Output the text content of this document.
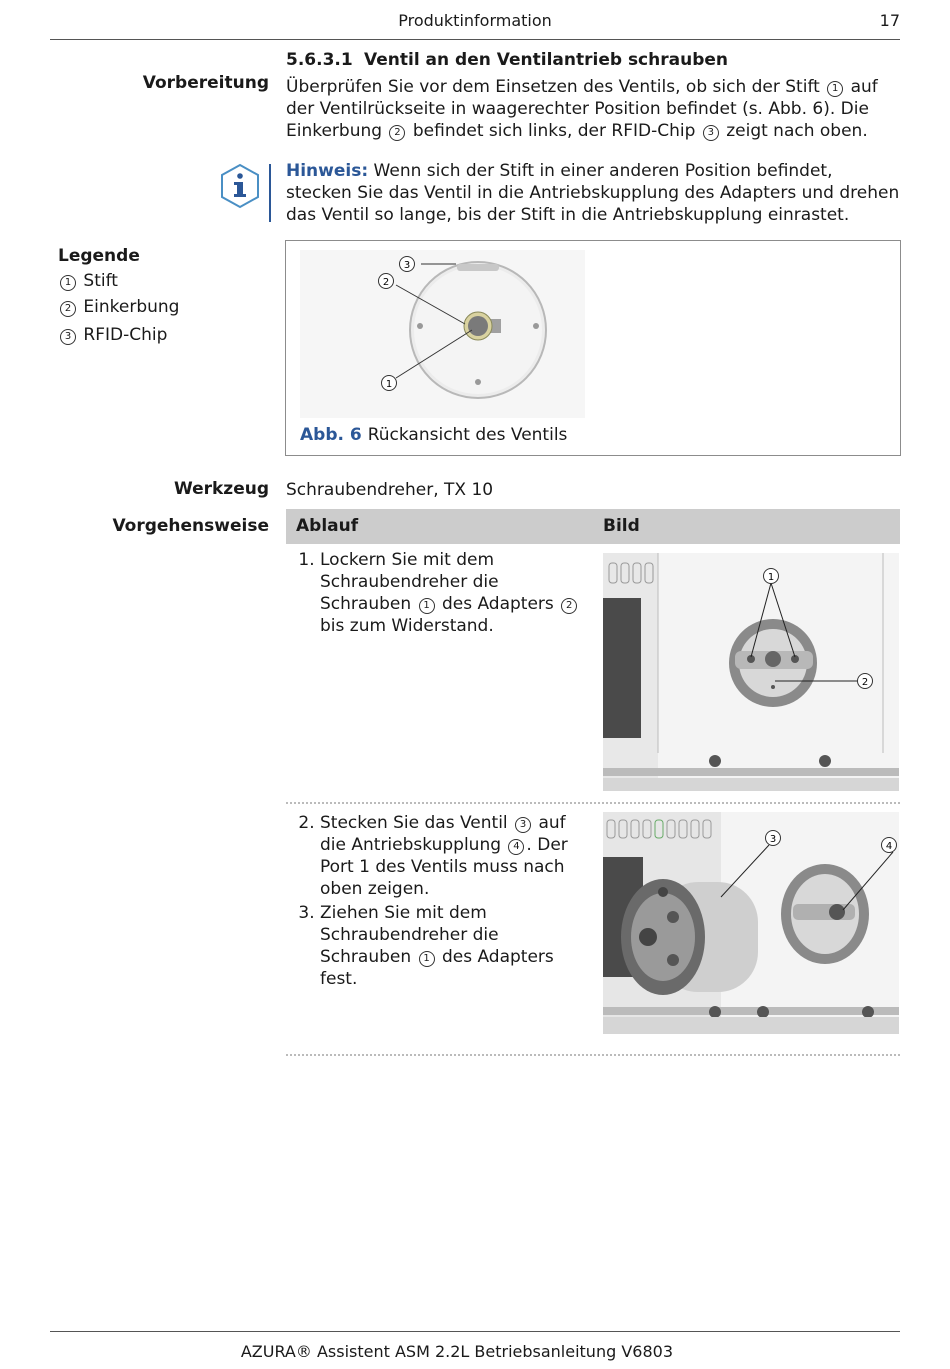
Produktinformation	17
5.6.3.1 Ventil an den Ventilantrieb schrauben
Vorbereitung Überprüfen Sie vor dem Einsetzen des Ventils, ob sich der Stift 1 auf der Ventilrückseite in waagerechter Position befindet (s. Abb. 6). Die Einkerbung 2 befindet sich links, der RFID-Chip 3 zeigt nach oben.
Hinweis: Wenn sich der Stift in einer anderen Position befindet, stecken Sie das Ventil in die Antriebskupplung des Adapters und drehen das Ventil so lange, bis der Stift in die Antriebskupplung einrastet.
Legende
1 Stift
2 Einkerbung
3 RFID-Chip
3
2
1
Abb. 6 Rückansicht des Ventils
Werkzeug Schraubendreher, TX 10
Vorgehensweise Ablauf	Bild
1. Lockern Sie mit dem Schraubendreher die Schrauben 1 des Adapters 2 bis zum Widerstand.
1
2
2. Stecken Sie das Ventil 3 auf die Antriebskupplung 4 . Der Port 1 des Ventils muss nach oben zeigen.
3. Ziehen Sie mit dem Schraubendreher die Schrauben 1 des Adapters fest.
3
4
AZURA® Assistent ASM 2.2L Betriebsanleitung V6803
